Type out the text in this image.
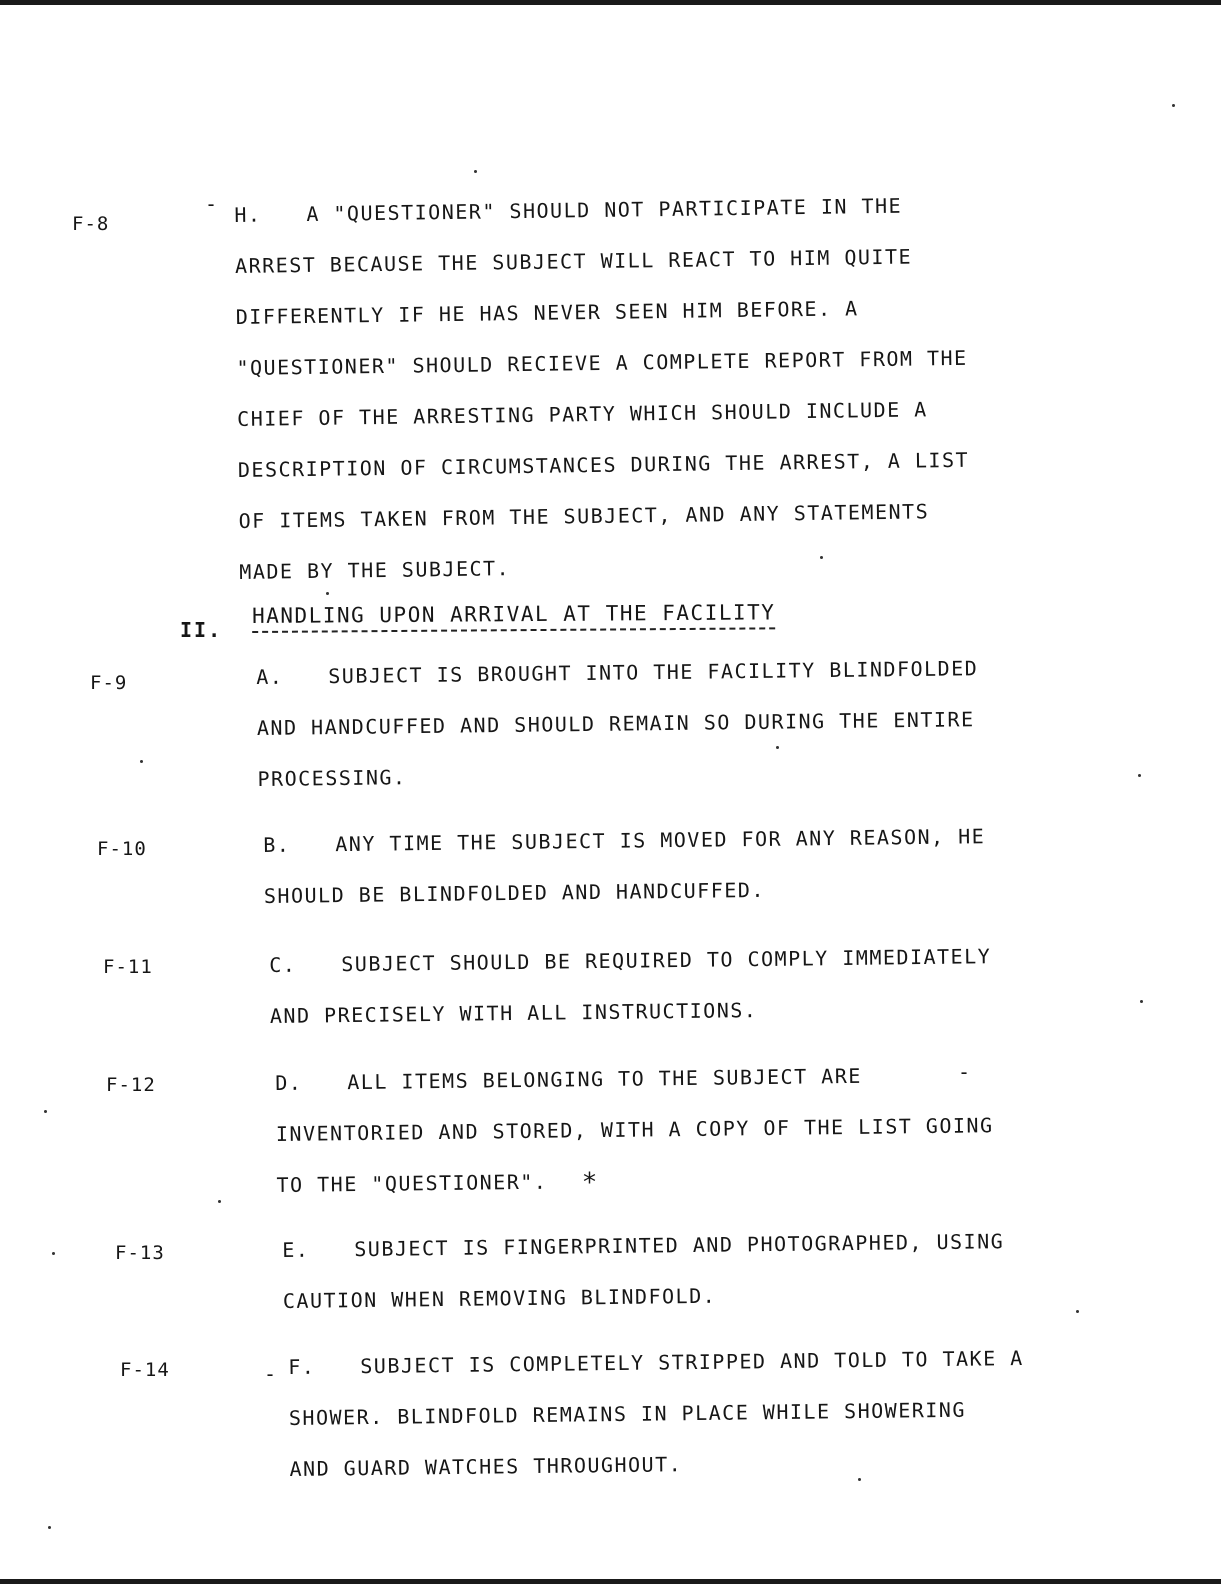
F-8
F-9
F-10
F-11
F-12
F-13
F-14
- H. A "QUESTIONER" SHOULD NOT PARTICIPATE IN THE
ARREST BECAUSE THE SUBJECT WILL REACT TO HIM QUITE
DIFFERENTLY IF HE HAS NEVER SEEN HIM BEFORE. A
"QUESTIONER" SHOULD RECIEVE A COMPLETE REPORT FROM THE
CHIEF OF THE ARRESTING PARTY WHICH SHOULD INCLUDE A
DESCRIPTION OF CIRCUMSTANCES DURING THE ARREST, A LIST
OF ITEMS TAKEN FROM THE SUBJECT, AND ANY STATEMENTS
MADE BY THE SUBJECT.
II.
HANDLING UPON ARRIVAL AT THE FACILITY
A. SUBJECT IS BROUGHT INTO THE FACILITY BLINDFOLDED
AND HANDCUFFED AND SHOULD REMAIN SO DURING THE ENTIRE
PROCESSING.
B. ANY TIME THE SUBJECT IS MOVED FOR ANY REASON, HE
SHOULD BE BLINDFOLDED AND HANDCUFFED.
C. SUBJECT SHOULD BE REQUIRED TO COMPLY IMMEDIATELY
AND PRECISELY WITH ALL INSTRUCTIONS.
D. ALL ITEMS BELONGING TO THE SUBJECT ARE
INVENTORIED AND STORED, WITH A COPY OF THE LIST GOING
TO THE "QUESTIONER".
-
⁎
E. SUBJECT IS FINGERPRINTED AND PHOTOGRAPHED, USING
CAUTION WHEN REMOVING BLINDFOLD.
- F. SUBJECT IS COMPLETELY STRIPPED AND TOLD TO TAKE A
SHOWER. BLINDFOLD REMAINS IN PLACE WHILE SHOWERING
AND GUARD WATCHES THROUGHOUT.
